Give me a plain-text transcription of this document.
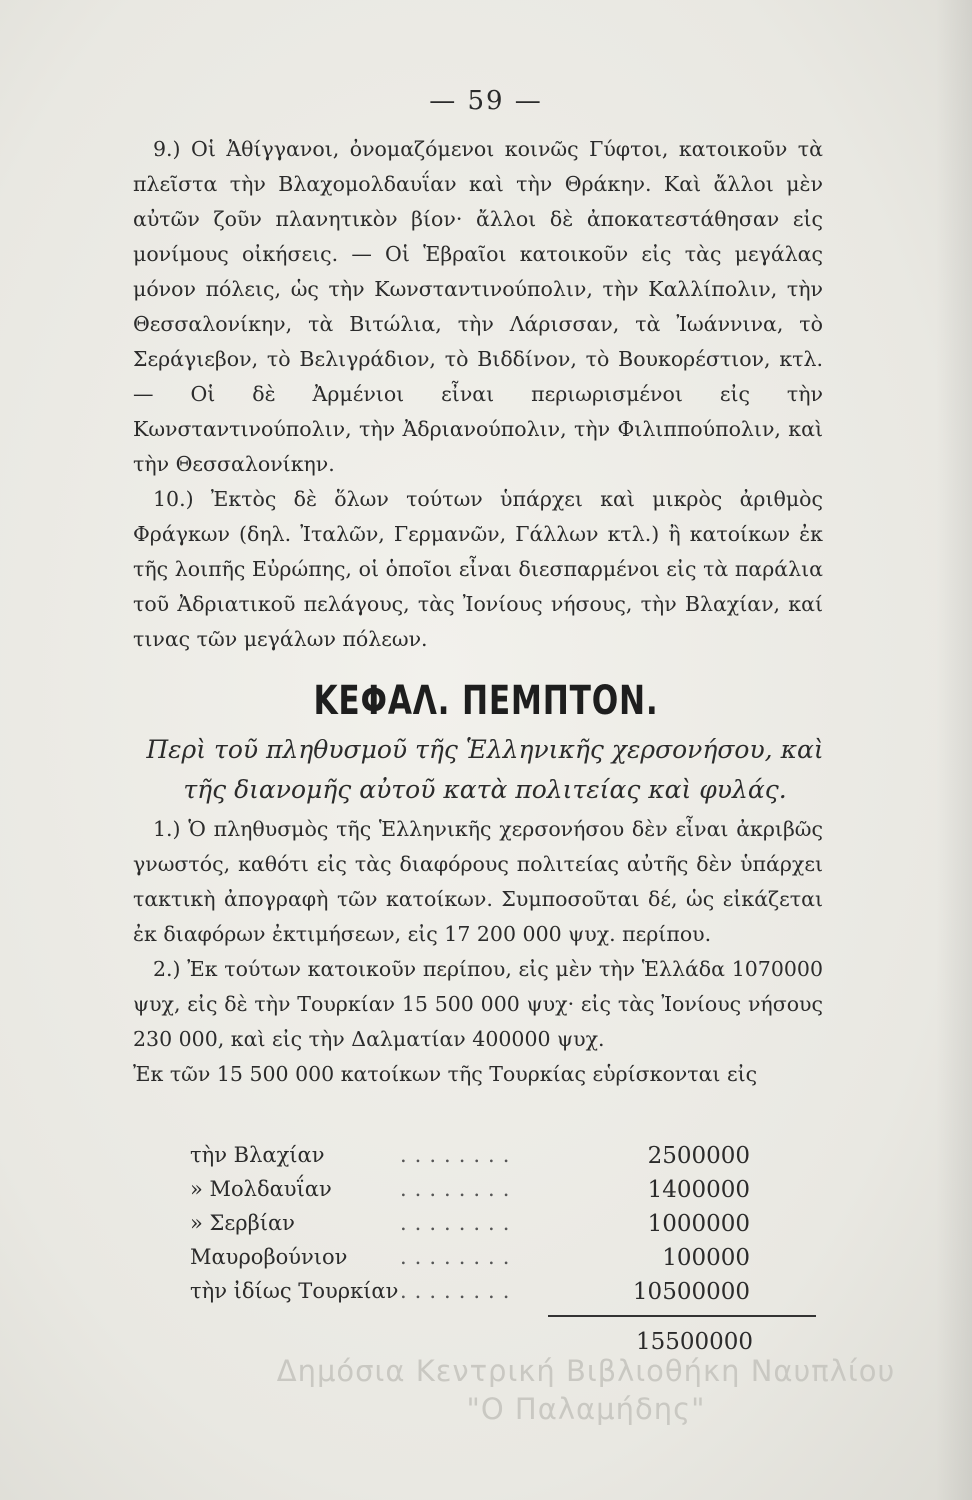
— 59 —

9.) Οἱ Ἀθίγγανοι, ὀνομαζόμενοι κοινῶς Γύφτοι, κατοικοῦν τὰ πλεῖστα τὴν Βλαχομολδαυΐαν καὶ τὴν Θράκην. Καὶ ἄλλοι μὲν αὐτῶν ζοῦν πλανητικὸν βίον· ἄλλοι δὲ ἀποκατεστάθησαν εἰς μονίμους οἰκήσεις. — Οἱ Ἑβραῖοι κατοικοῦν εἰς τὰς μεγάλας μόνον πόλεις, ὡς τὴν Κωνσταντινούπολιν, τὴν Καλλίπολιν, τὴν Θεσσαλονίκην, τὰ Βιτώλια, τὴν Λάρισσαν, τὰ Ἰωάννινα, τὸ Σεράγιεβον, τὸ Βελιγράδιον, τὸ Βιδδίνον, τὸ Βουκορέστιον, κτλ. — Οἱ δὲ Ἀρμένιοι εἶναι περιωρισμένοι εἰς τὴν Κωνσταντινούπολιν, τὴν Ἀδριανούπολιν, τὴν Φιλιππούπολιν, καὶ τὴν Θεσσαλονίκην.

10.) Ἐκτὸς δὲ ὅλων τούτων ὑπάρχει καὶ μικρὸς ἀριθμὸς Φράγκων (δηλ. Ἰταλῶν, Γερμανῶν, Γάλλων κτλ.) ἢ κατοίκων ἐκ τῆς λοιπῆς Εὐρώπης, οἱ ὁποῖοι εἶναι διεσπαρμένοι εἰς τὰ παράλια τοῦ Ἀδριατικοῦ πελάγους, τὰς Ἰονίους νήσους, τὴν Βλαχίαν, καί τινας τῶν μεγάλων πόλεων.

ΚΕΦΑΛ. ΠΕΜΠΤΟΝ.
Περὶ τοῦ πληθυσμοῦ τῆς Ἑλληνικῆς χερσονήσου, καὶ τῆς διανομῆς αὐτοῦ κατὰ πολιτείας καὶ φυλάς.

1.) Ὁ πληθυσμὸς τῆς Ἑλληνικῆς χερσονήσου δὲν εἶναι ἀκριβῶς γνωστός, καθότι εἰς τὰς διαφόρους πολιτείας αὐτῆς δὲν ὑπάρχει τακτικὴ ἀπογραφὴ τῶν κατοίκων. Συμποσοῦται δέ, ὡς εἰκάζεται ἐκ διαφόρων ἐκτιμήσεων, εἰς 17 200 000 ψυχ. περίπου.

2.) Ἐκ τούτων κατοικοῦν περίπου, εἰς μὲν τὴν Ἑλλάδα 1070000 ψυχ, εἰς δὲ τὴν Τουρκίαν 15 500 000 ψυχ· εἰς τὰς Ἰονίους νήσους 230 000, καὶ εἰς τὴν Δαλματίαν 400000 ψυχ.

Ἐκ τῶν 15 500 000 κατοίκων τῆς Τουρκίας εὑρίσκονται εἰς

τὴν Βλαχίαν	........	2500000
» Μολδαυΐαν	........	1400000
» Σερβίαν	........	1000000
Μαυροβούνιον	........	100000
τὴν ἰδίως Τουρκίαν ........	10500000
15500000
Δημόσια Κεντρική Βιβλιοθήκη Ναυπλίου
"Ο Παλαμήδης"
